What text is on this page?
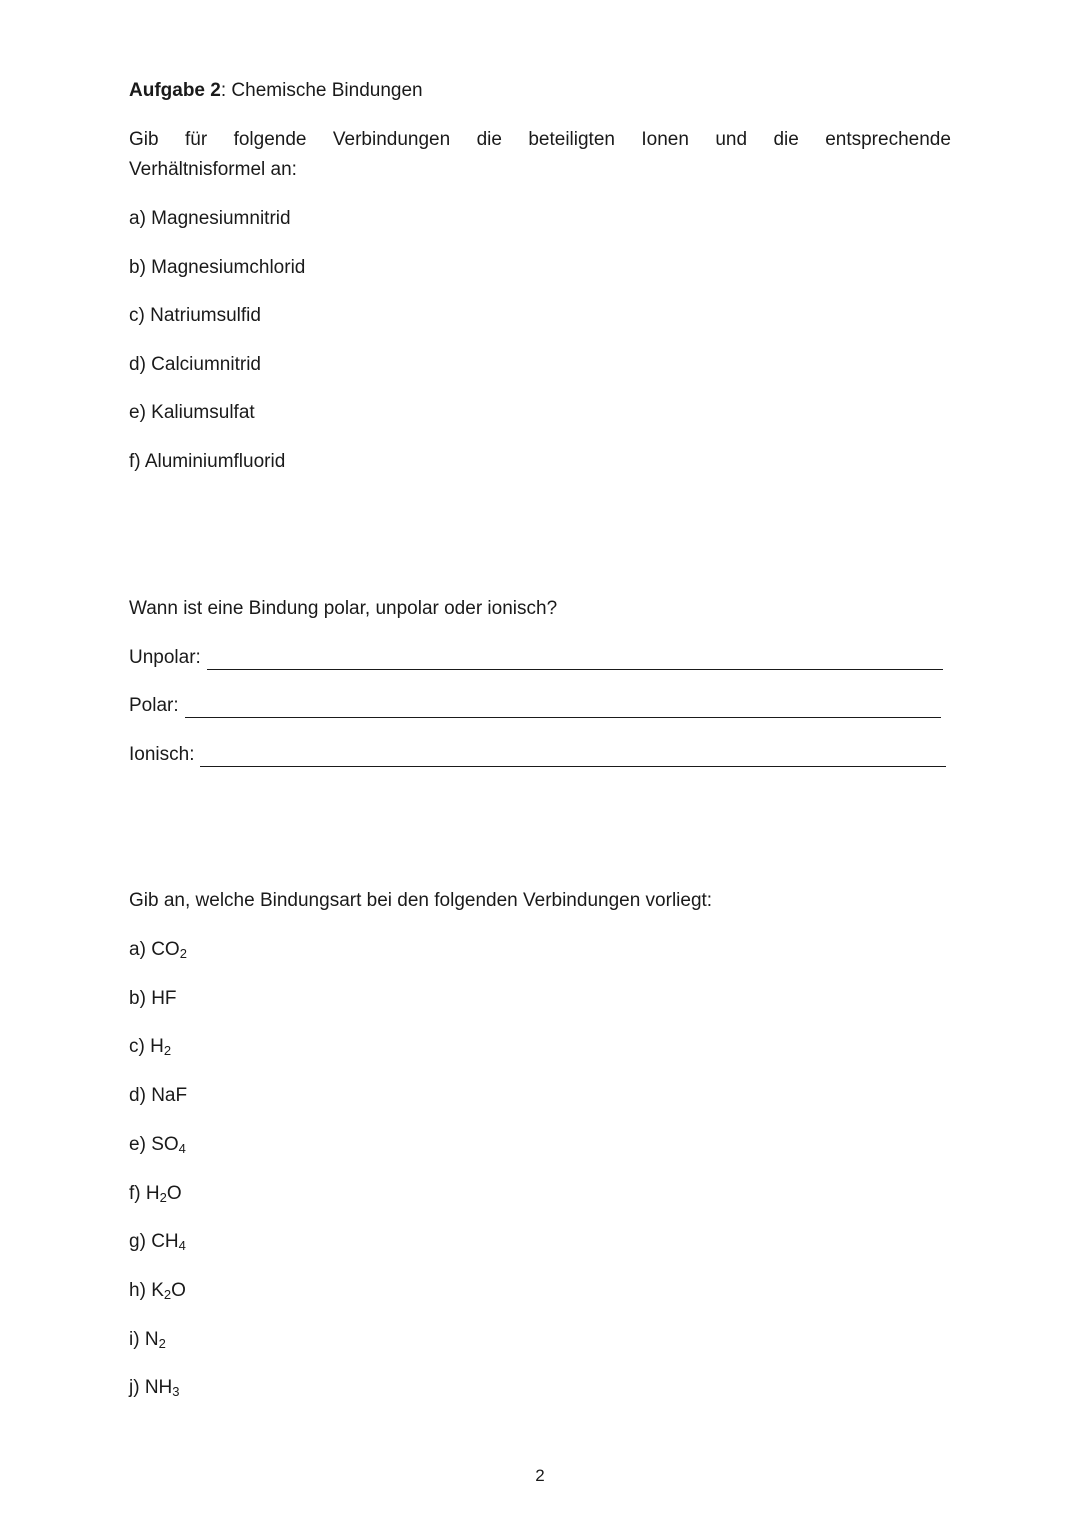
Aufgabe 2: Chemische Bindungen
Gib für folgende Verbindungen die beteiligten Ionen und die entsprechende
Verhältnisformel an:
a) Magnesiumnitrid
b) Magnesiumchlorid
c) Natriumsulfid
d) Calciumnitrid
e) Kaliumsulfat
f) Aluminiumfluorid
Wann ist eine Bindung polar, unpolar oder ionisch?
Unpolar:
Polar:
Ionisch:
Gib an, welche Bindungsart bei den folgenden Verbindungen vorliegt:
a) $CO_2$
b) HF
c) $H_2$
d) NaF
e) $SO_4$
f) $H_2O$
g) $CH_4$
h) $K_2O$
i) $N_2$
j) $NH_3$
2
